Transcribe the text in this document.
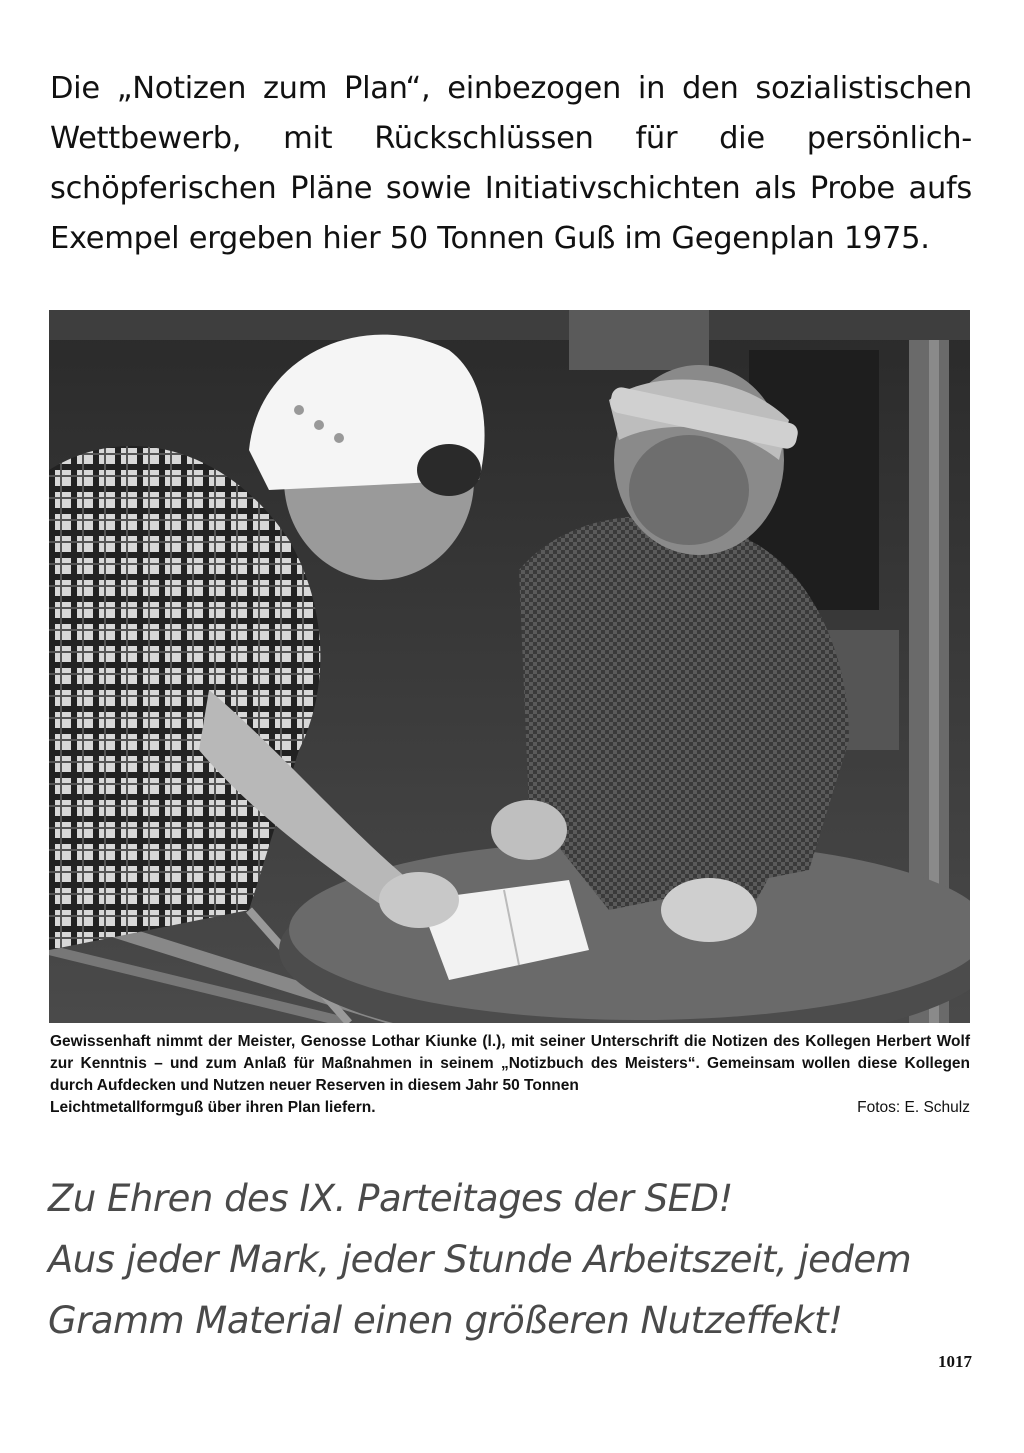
Die „Notizen zum Plan“, einbezogen in den sozialistischen Wettbewerb, mit Rückschlüssen für die persönlich-schöpferischen Pläne sowie Initiativschichten als Probe aufs Exempel ergeben hier 50 Tonnen Guß im Gegenplan 1975.

Gewissenhaft nimmt der Meister, Genosse Lothar Kiunke (l.), mit seiner Unterschrift die Notizen des Kollegen Herbert Wolf zur Kenntnis – und zum Anlaß für Maßnahmen in seinem „Notizbuch des Meisters“. Gemeinsam wollen diese Kollegen durch Aufdecken und Nutzen neuer Reserven in diesem Jahr 50 Tonnen
Leichtmetallformguß über ihren Plan liefern.	Fotos: E. Schulz
Zu Ehren des IX. Parteitages der SED!
Aus jeder Mark, jeder Stunde Arbeitszeit, jedem
Gramm Material einen größeren Nutzeffekt!
1017
